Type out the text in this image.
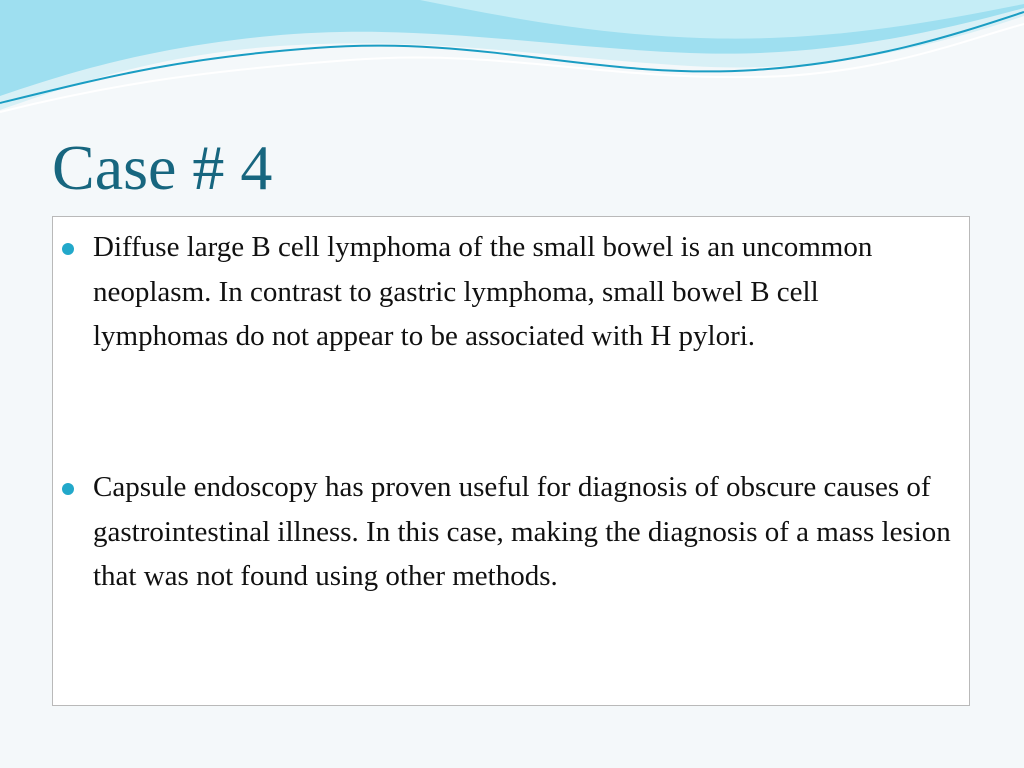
Case # 4
Diffuse large B cell lymphoma of the small bowel is an uncommon neoplasm. In contrast to gastric lymphoma, small bowel B cell lymphomas do not appear to be associated with H pylori.
Capsule endoscopy has proven useful for diagnosis of obscure causes of gastrointestinal illness. In this case, making the diagnosis of a mass lesion that was not found using other methods.
